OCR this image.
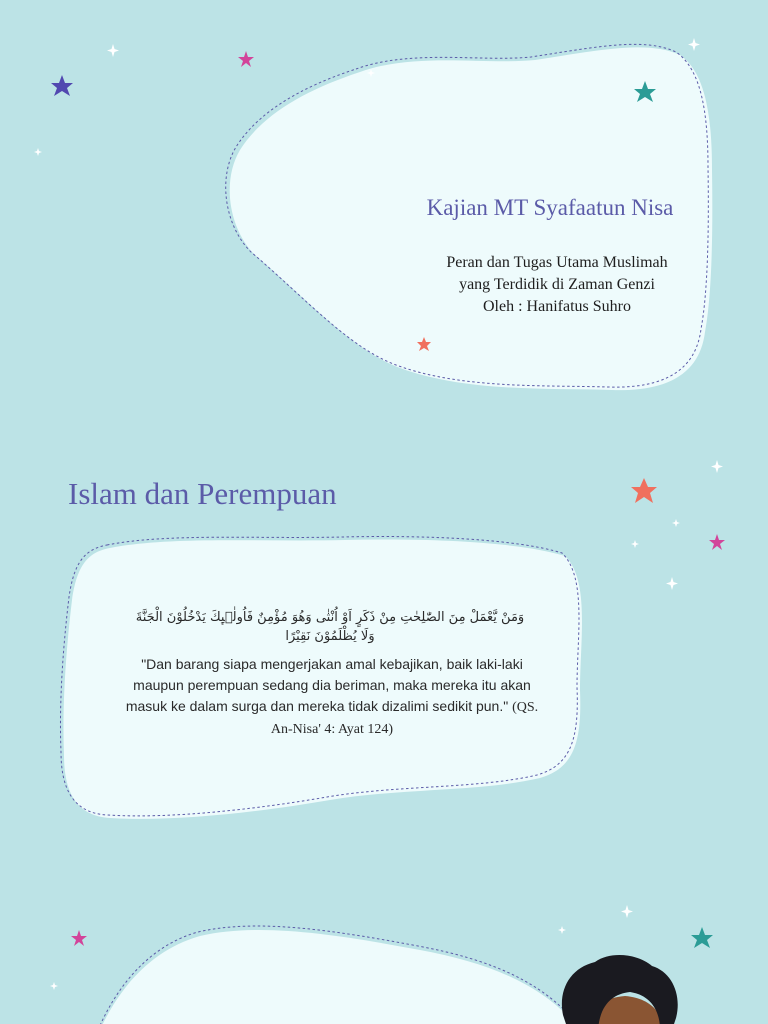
Kajian MT Syafaatun Nisa
Peran dan Tugas Utama Muslimah
yang Terdidik di Zaman Genzi
Oleh : Hanifatus Suhro
Islam dan Perempuan
وَمَنْ يَّعْمَلْ مِنَ الصّٰلِحٰتِ مِنْ ذَكَرٍ اَوْ اُنْثٰى وَهُوَ مُؤْمِنٌ فَاُولٰۤىِٕكَ يَدْخُلُوْنَ الْجَنَّةَ وَلَا يُظْلَمُوْنَ نَقِيْرًا
"Dan barang siapa mengerjakan amal kebajikan, baik laki-laki maupun perempuan sedang dia beriman, maka mereka itu akan masuk ke dalam surga dan mereka tidak dizalimi sedikit pun." (QS. An-Nisa' 4: Ayat 124)
